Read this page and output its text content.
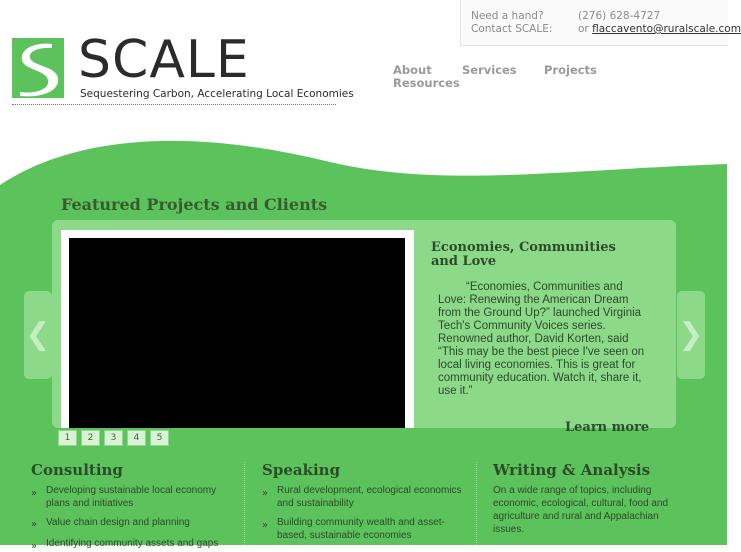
Need a hand?	(276) 628-4727
Contact SCALE: or flaccavento@ruralscale.com
SCALE
Sequestering Carbon, Accelerating Local Economies
About	Services Projects
Resources
Featured Projects and Clients
❮	❯
Economies, Communities and Love
“Economies, Communities and Love: Renewing the American Dream from the Ground Up?” launched Virginia Tech's Community Voices series. Renowned author, David Korten, said “This may be the best piece I've seen on local living economies. This is great for community education. Watch it, share it, use it.”
Learn more
1	2	3	4	5
Consulting
» Developing sustainable local economy plans and initiatives
» Value chain design and planning
» Identifying community assets and gaps
Speaking
» Rural development, ecological economics and sustainability
» Building community wealth and asset-based, sustainable economies
Writing & Analysis
On a wide range of topics, including economic, ecological, cultural, food and agriculture and rural and Appalachian issues.
